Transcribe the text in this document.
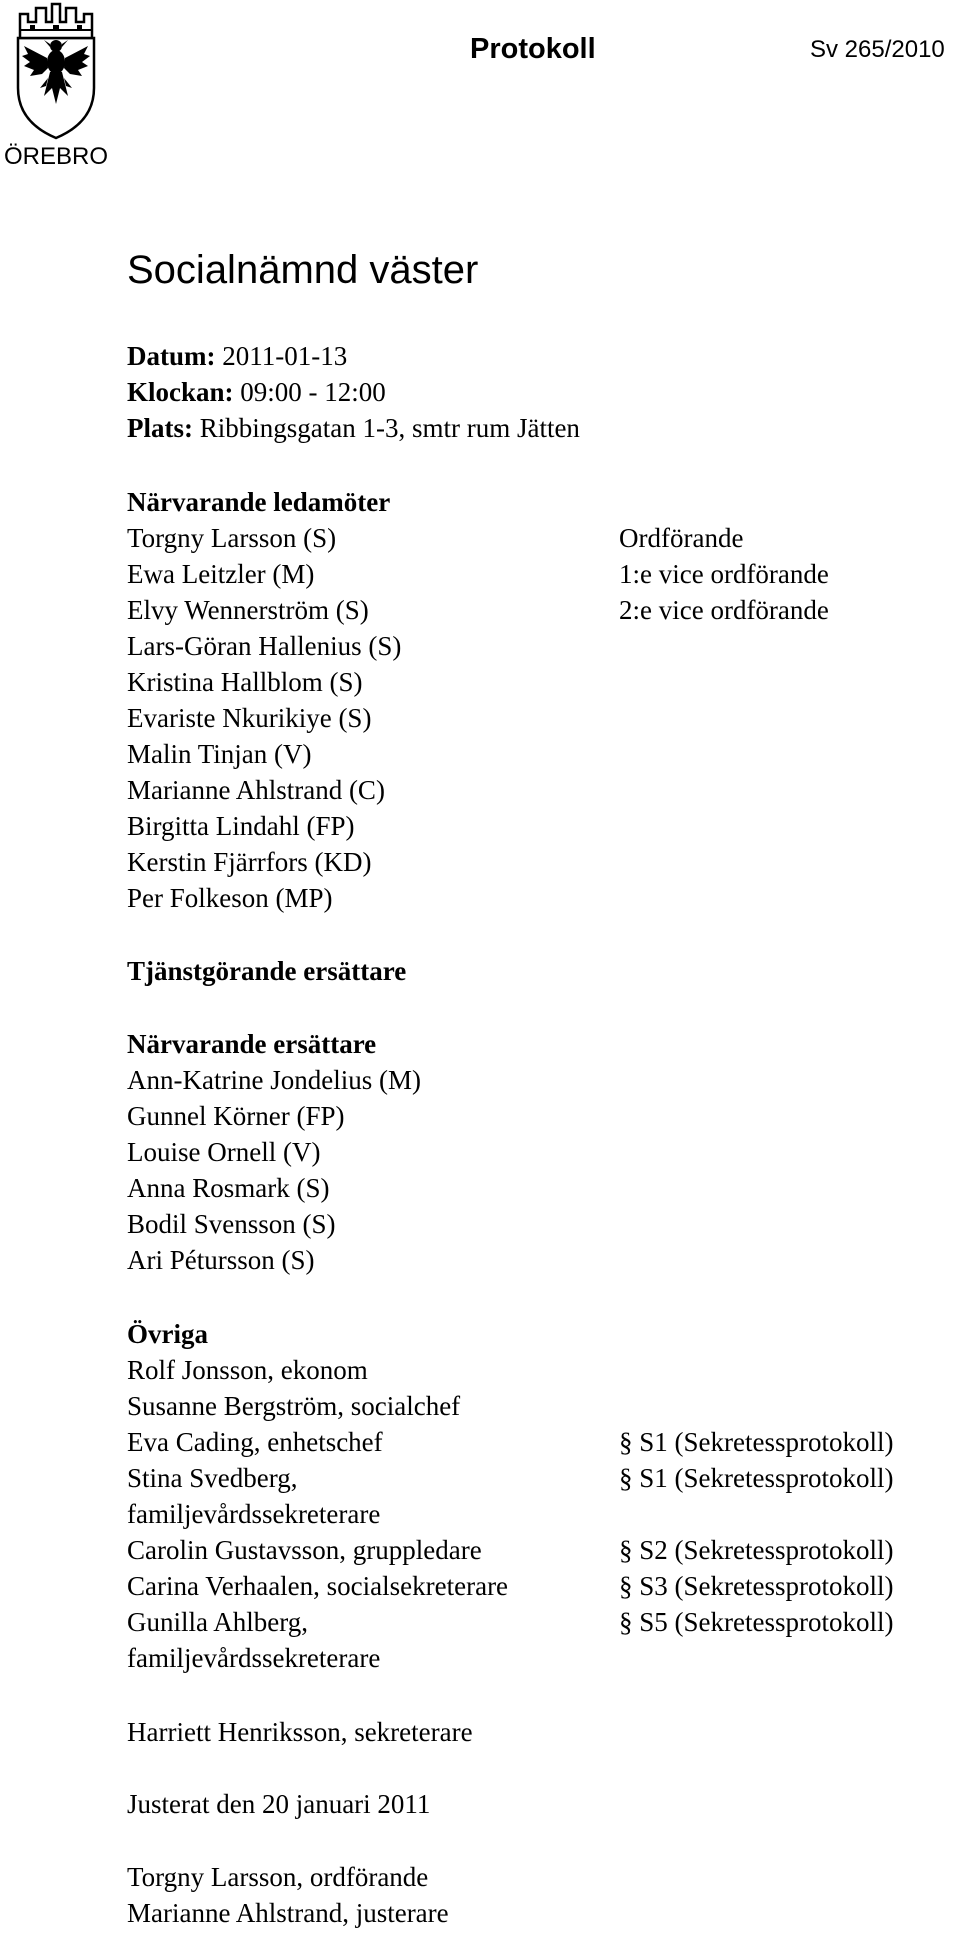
ÖREBRO
Protokoll	Sv 265/2010
Socialnämnd väster
Datum: 2011-01-13
Klockan: 09:00 - 12:00
Plats: Ribbingsgatan 1-3, smtr rum Jätten
Närvarande ledamöter
Torgny Larsson (S)	Ordförande
Ewa Leitzler (M)	1:e vice ordförande
Elvy Wennerström (S)	2:e vice ordförande
Lars-Göran Hallenius (S)
Kristina Hallblom (S)
Evariste Nkurikiye (S)
Malin Tinjan (V)
Marianne Ahlstrand (C)
Birgitta Lindahl (FP)
Kerstin Fjärrfors (KD)
Per Folkeson (MP)
Tjänstgörande ersättare
Närvarande ersättare
Ann-Katrine Jondelius (M)
Gunnel Körner (FP)
Louise Ornell (V)
Anna Rosmark (S)
Bodil Svensson (S)
Ari Pétursson (S)
Övriga
Rolf Jonsson, ekonom
Susanne Bergström, socialchef
Eva Cading, enhetschef	§ S1 (Sekretessprotokoll)
Stina Svedberg,	§ S1 (Sekretessprotokoll)
familjevårdssekreterare
Carolin Gustavsson, gruppledare	§ S2 (Sekretessprotokoll)
Carina Verhaalen, socialsekreterare	§ S3 (Sekretessprotokoll)
Gunilla Ahlberg,	§ S5 (Sekretessprotokoll)
familjevårdssekreterare
Harriett Henriksson, sekreterare
Justerat den 20 januari 2011
Torgny Larsson, ordförande
Marianne Ahlstrand, justerare
